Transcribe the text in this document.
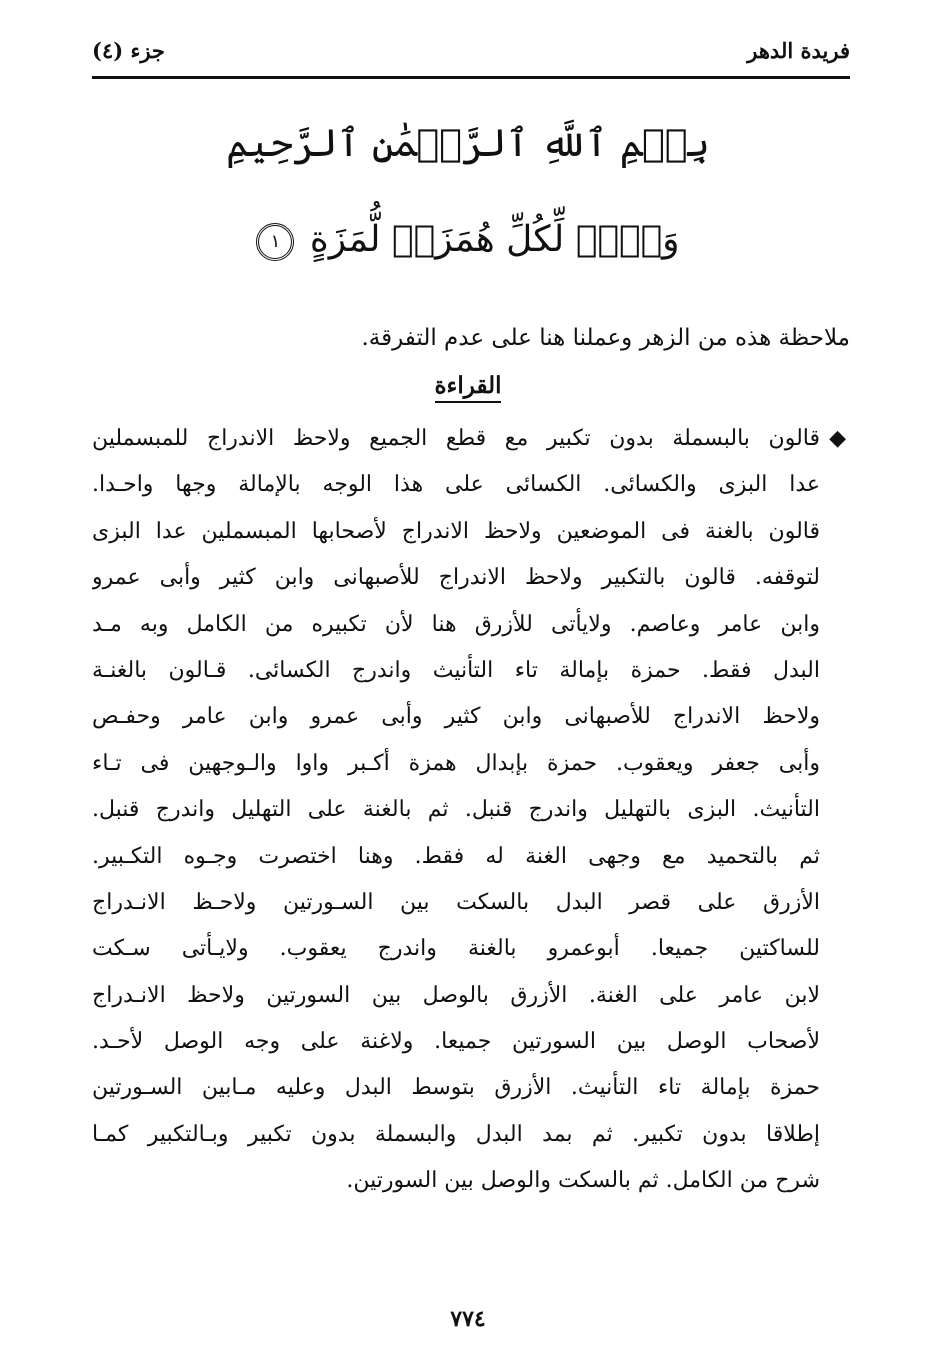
فريدة الدهر
جزء (٤)
بِسۡمِ ٱللَّهِ ٱلرَّحۡمَٰنِ ٱلرَّحِيمِ
وَيۡلٞ لِّكُلِّ هُمَزَةٖ لُّمَزَةٍ ١
ملاحظة هذه من الزهر وعملنا هنا على عدم التفرقة.
القراءة
◆
قالون بالبسملة بدون تكبير مع قطع الجميع ولاحظ الاندراج للمبسملين
عدا البزى والكسائى. الكسائى على هذا الوجه بالإمالة وجها واحـدا.
قالون بالغنة فى الموضعين ولاحظ الاندراج لأصحابها المبسملين عدا البزى
لتوقفه. قالون بالتكبير ولاحظ الاندراج للأصبهانى وابن كثير وأبى عمرو
وابن عامر وعاصم. ولايأتى للأزرق هنا لأن تكبيره من الكامل وبه مـد
البدل فقط. حمزة بإمالة تاء التأنيث واندرج الكسائى. قـالون بالغنـة
ولاحظ الاندراج للأصبهانى وابن كثير وأبى عمرو وابن عامر وحفـص
وأبى جعفر ويعقوب. حمزة بإبدال همزة أكـبر واوا والـوجهين فى تـاء
التأنيث. البزى بالتهليل واندرج قنبل. ثم بالغنة على التهليل واندرج قنبل.
ثم بالتحميد مع وجهى الغنة له فقط. وهنا اختصرت وجـوه التكـبير.
الأزرق على قصر البدل بالسكت بين السـورتين ولاحـظ الانـدراج
للساكتين جميعا. أبوعمرو بالغنة واندرج يعقوب. ولايـأتى سـكت
لابن عامر على الغنة. الأزرق بالوصل بين السورتين ولاحظ الانـدراج
لأصحاب الوصل بين السورتين جميعا. ولاغنة على وجه الوصل لأحـد.
حمزة بإمالة تاء التأنيث. الأزرق بتوسط البدل وعليه مـابين السـورتين
إطلاقا بدون تكبير. ثم بمد البدل والبسملة بدون تكبير وبـالتكبير كمـا
شرح من الكامل. ثم بالسكت والوصل بين السورتين.
٧٧٤
